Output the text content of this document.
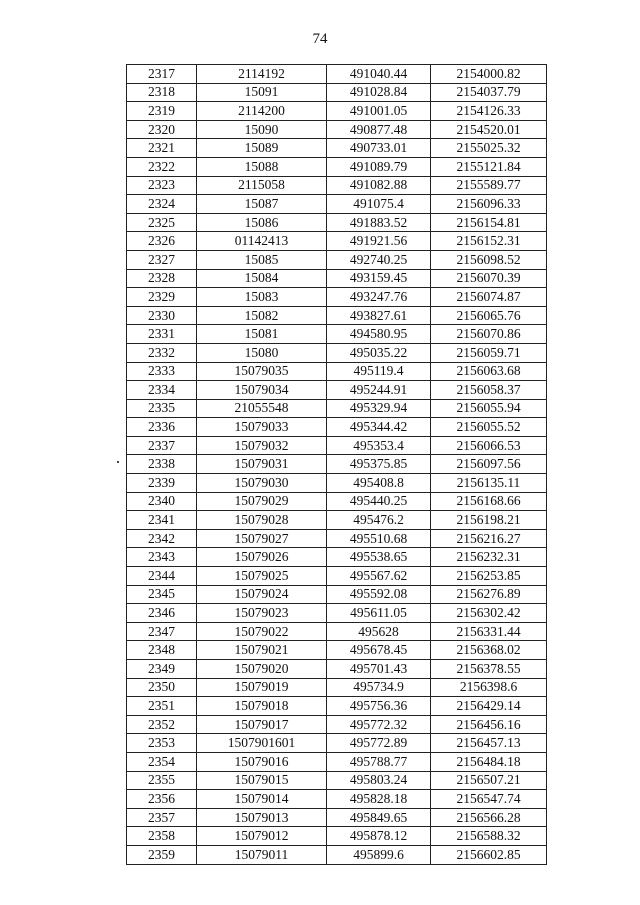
74
2317	2114192	491040.44	2154000.82
2318	15091	491028.84	2154037.79
2319	2114200	491001.05	2154126.33
2320	15090	490877.48	2154520.01
2321	15089	490733.01	2155025.32
2322	15088	491089.79	2155121.84
2323	2115058	491082.88	2155589.77
2324	15087	491075.4	2156096.33
2325	15086	491883.52	2156154.81
2326	01142413	491921.56	2156152.31
2327	15085	492740.25	2156098.52
2328	15084	493159.45	2156070.39
2329	15083	493247.76	2156074.87
2330	15082	493827.61	2156065.76
2331	15081	494580.95	2156070.86
2332	15080	495035.22	2156059.71
2333	15079035	495119.4	2156063.68
2334	15079034	495244.91	2156058.37
2335	21055548	495329.94	2156055.94
2336	15079033	495344.42	2156055.52
2337	15079032	495353.4	2156066.53
2338	15079031	495375.85	2156097.56
2339	15079030	495408.8	2156135.11
2340	15079029	495440.25	2156168.66
2341	15079028	495476.2	2156198.21
2342	15079027	495510.68	2156216.27
2343	15079026	495538.65	2156232.31
2344	15079025	495567.62	2156253.85
2345	15079024	495592.08	2156276.89
2346	15079023	495611.05	2156302.42
2347	15079022	495628	2156331.44
2348	15079021	495678.45	2156368.02
2349	15079020	495701.43	2156378.55
2350	15079019	495734.9	2156398.6
2351	15079018	495756.36	2156429.14
2352	15079017	495772.32	2156456.16
2353	1507901601	495772.89	2156457.13
2354	15079016	495788.77	2156484.18
2355	15079015	495803.24	2156507.21
2356	15079014	495828.18	2156547.74
2357	15079013	495849.65	2156566.28
2358	15079012	495878.12	2156588.32
2359	15079011	495899.6	2156602.85
